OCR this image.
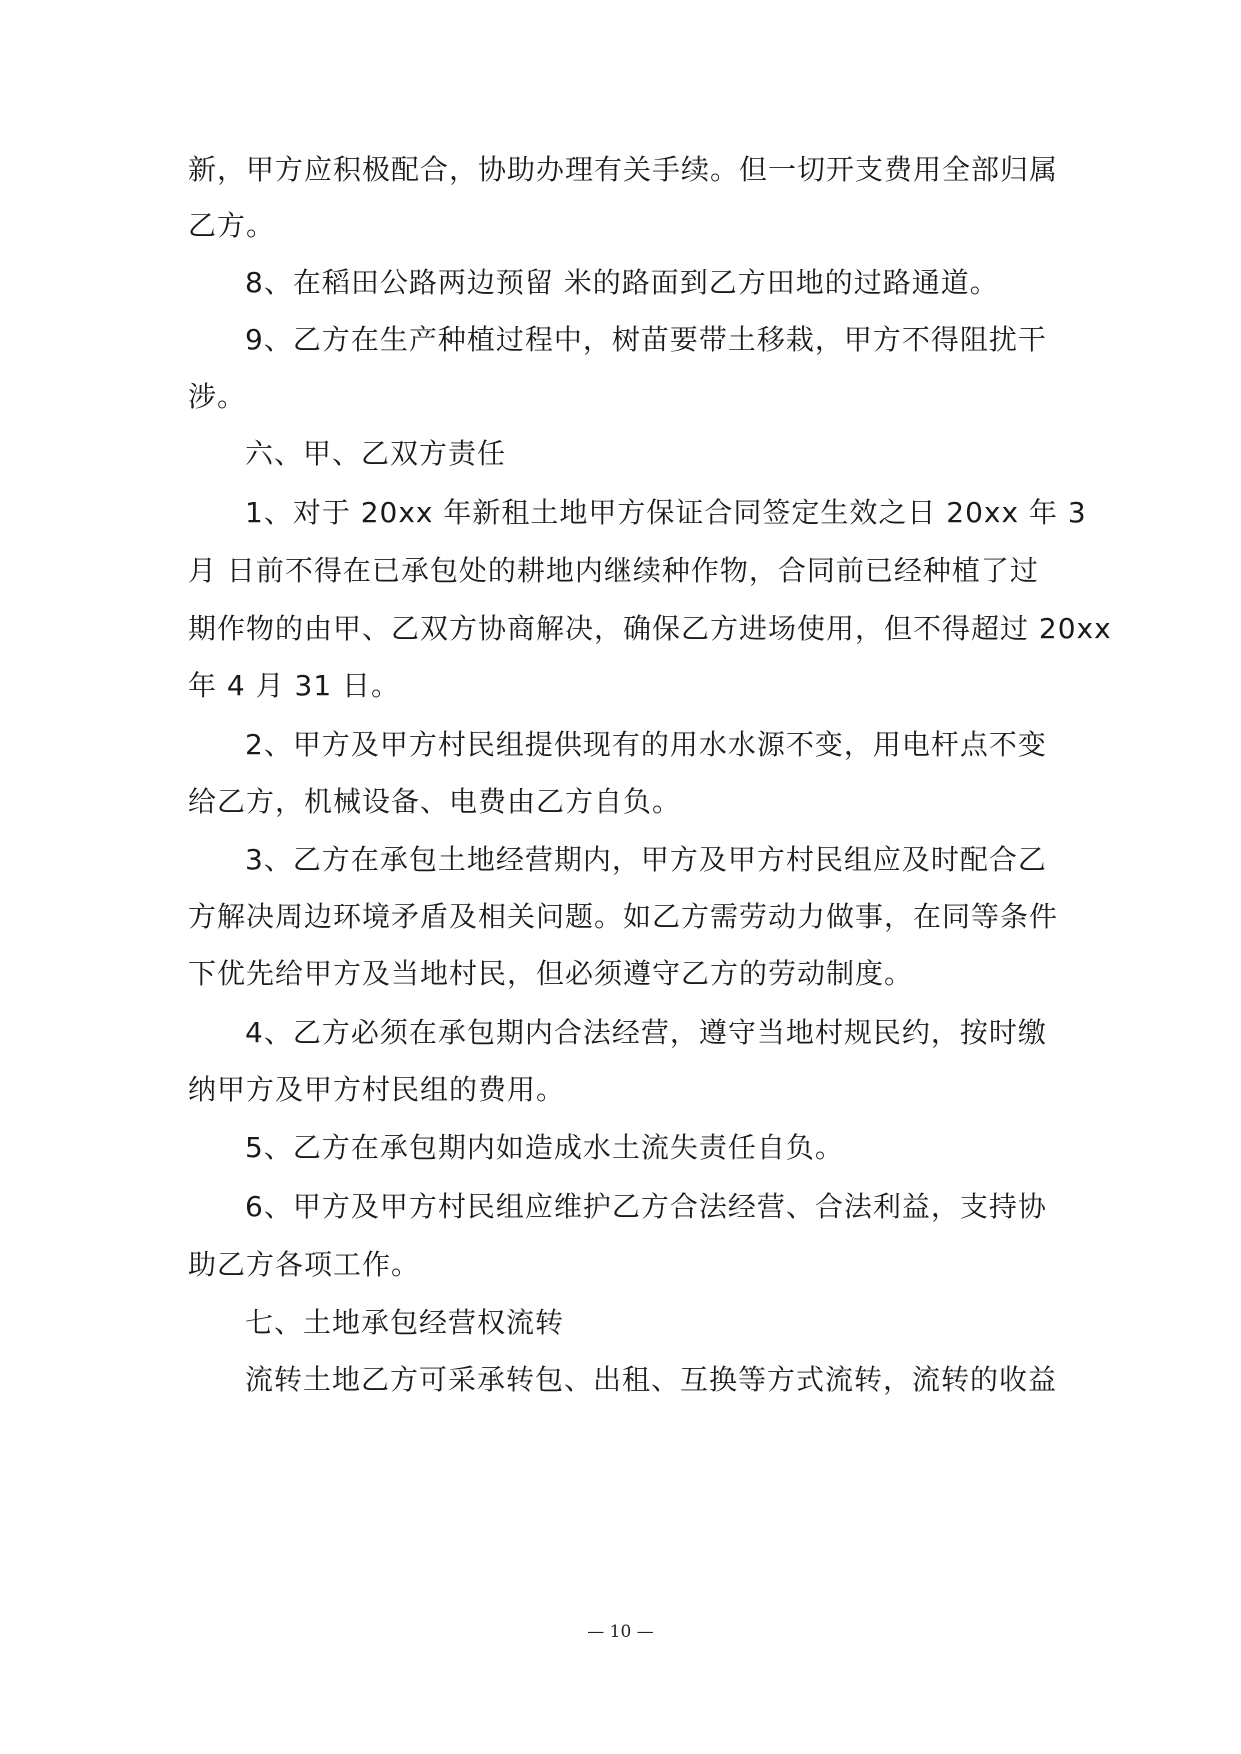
新，甲方应积极配合，协助办理有关手续。但一切开支费用全部归属
乙方。
8、在稻田公路两边预留 米的路面到乙方田地的过路通道。
9、乙方在生产种植过程中，树苗要带土移栽，甲方不得阻扰干
涉。
六、甲、乙双方责任
1、对于 20xx 年新租土地甲方保证合同签定生效之日 20xx 年 3
月 日前不得在已承包处的耕地内继续种作物，合同前已经种植了过
期作物的由甲、乙双方协商解决，确保乙方进场使用，但不得超过 20xx
年 4 月 31 日。
2、甲方及甲方村民组提供现有的用水水源不变，用电杆点不变
给乙方，机械设备、电费由乙方自负。
3、乙方在承包土地经营期内，甲方及甲方村民组应及时配合乙
方解决周边环境矛盾及相关问题。如乙方需劳动力做事，在同等条件
下优先给甲方及当地村民，但必须遵守乙方的劳动制度。
4、乙方必须在承包期内合法经营，遵守当地村规民约，按时缴
纳甲方及甲方村民组的费用。
5、乙方在承包期内如造成水土流失责任自负。
6、甲方及甲方村民组应维护乙方合法经营、合法利益，支持协
助乙方各项工作。
七、土地承包经营权流转
流转土地乙方可采承转包、出租、互换等方式流转，流转的收益
— 10 —
